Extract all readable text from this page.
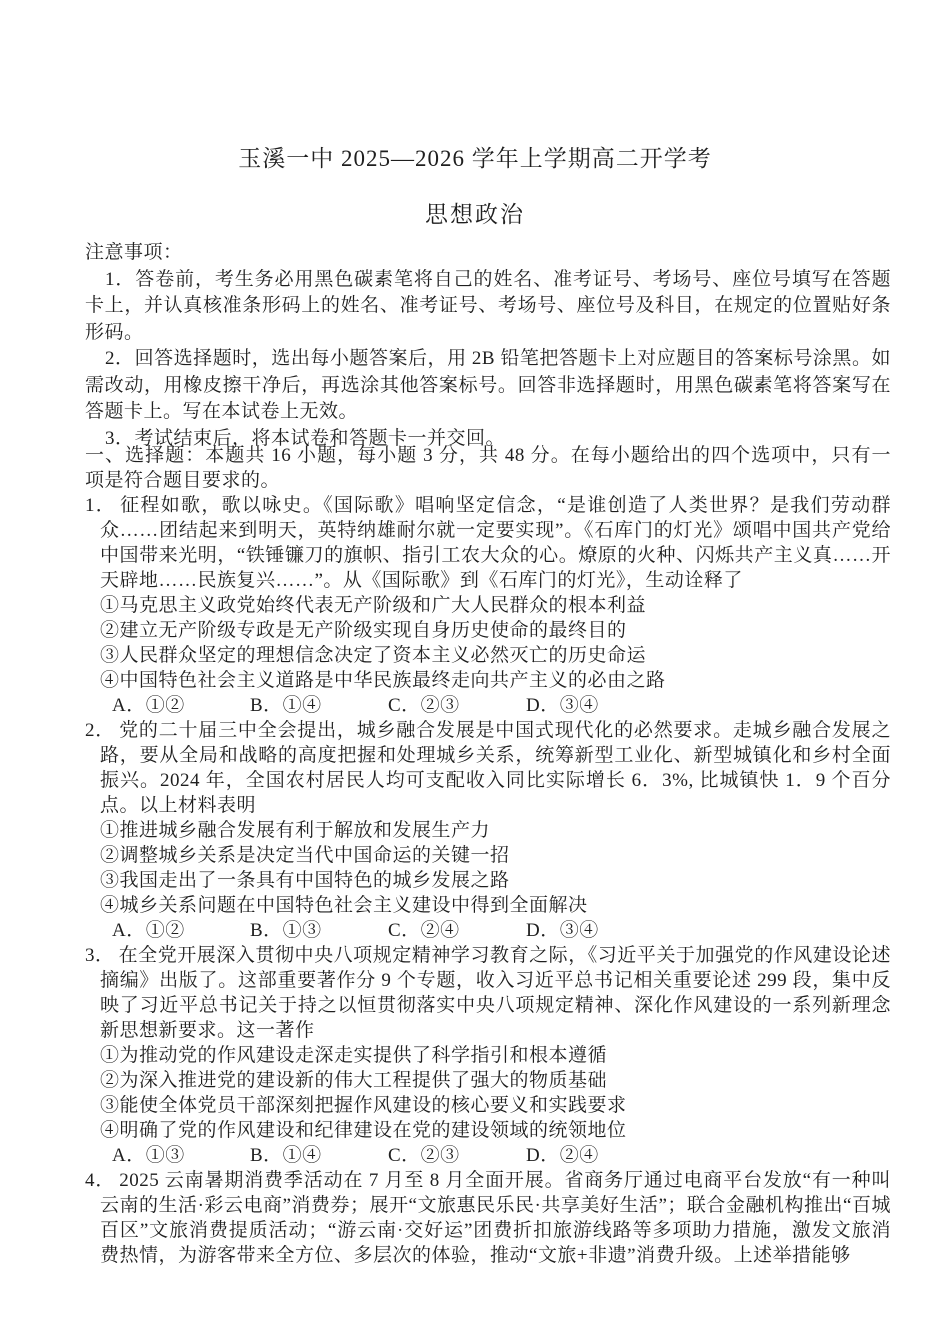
玉溪一中 2025—2026 学年上学期高二开学考
思想政治
注意事项：
1．答卷前，考生务必用黑色碳素笔将自己的姓名、准考证号、考场号、座位号填写在答题卡上，并认真核准条形码上的姓名、准考证号、考场号、座位号及科目，在规定的位置贴好条形码。
2．回答选择题时，选出每小题答案后，用 2B 铅笔把答题卡上对应题目的答案标号涂黑。如需改动，用橡皮擦干净后，再选涂其他答案标号。回答非选择题时，用黑色碳素笔将答案写在答题卡上。写在本试卷上无效。
3．考试结束后，将本试卷和答题卡一并交回。
一、选择题：本题共 16 小题，每小题 3 分，共 48 分。在每小题给出的四个选项中，只有一　　项是符合题目要求的。
1． 征程如歌，歌以咏史。《国际歌》唱响坚定信念，“是谁创造了人类世界？是我们劳动群众……团结起来到明天，英特纳雄耐尔就一定要实现”。《石库门的灯光》颂唱中国共产党给中国带来光明，“铁锤镰刀的旗帜、指引工农大众的心。燎原的火种、闪烁共产主义真……开天辟地……民族复兴……”。从《国际歌》到《石库门的灯光》，生动诠释了
①马克思主义政党始终代表无产阶级和广大人民群众的根本利益
②建立无产阶级专政是无产阶级实现自身历史使命的最终目的
③人民群众坚定的理想信念决定了资本主义必然灭亡的历史命运
④中国特色社会主义道路是中华民族最终走向共产主义的必由之路
A．①②	B．①④	C．②③	D．③④
2． 党的二十届三中全会提出，城乡融合发展是中国式现代化的必然要求。走城乡融合发展之路，要从全局和战略的高度把握和处理城乡关系，统筹新型工业化、新型城镇化和乡村全面振兴。2024 年，全国农村居民人均可支配收入同比实际增长 6．3%, 比城镇快 1．9 个百分点。以上材料表明
①推进城乡融合发展有利于解放和发展生产力
②调整城乡关系是决定当代中国命运的关键一招
③我国走出了一条具有中国特色的城乡发展之路
④城乡关系问题在中国特色社会主义建设中得到全面解决
A．①②	B．①③	C．②④	D．③④
3． 在全党开展深入贯彻中央八项规定精神学习教育之际，《习近平关于加强党的作风建设论述摘编》出版了。这部重要著作分 9 个专题，收入习近平总书记相关重要论述 299 段，集中反映了习近平总书记关于持之以恒贯彻落实中央八项规定精神、深化作风建设的一系列新理念新思想新要求。这一著作
①为推动党的作风建设走深走实提供了科学指引和根本遵循
②为深入推进党的建设新的伟大工程提供了强大的物质基础
③能使全体党员干部深刻把握作风建设的核心要义和实践要求
④明确了党的作风建设和纪律建设在党的建设领域的统领地位
A．①③	B．①④	C．②③	D．②④
4． 2025 云南暑期消费季活动在 7 月至 8 月全面开展。省商务厅通过电商平台发放“有一种叫云南的生活·彩云电商”消费券；展开“文旅惠民乐民·共享美好生活”；联合金融机构推出“百城百区”文旅消费提质活动；“游云南·交好运”团费折扣旅游线路等多项助力措施，激发文旅消费热情，为游客带来全方位、多层次的体验，推动“文旅+非遗”消费升级。上述举措能够
